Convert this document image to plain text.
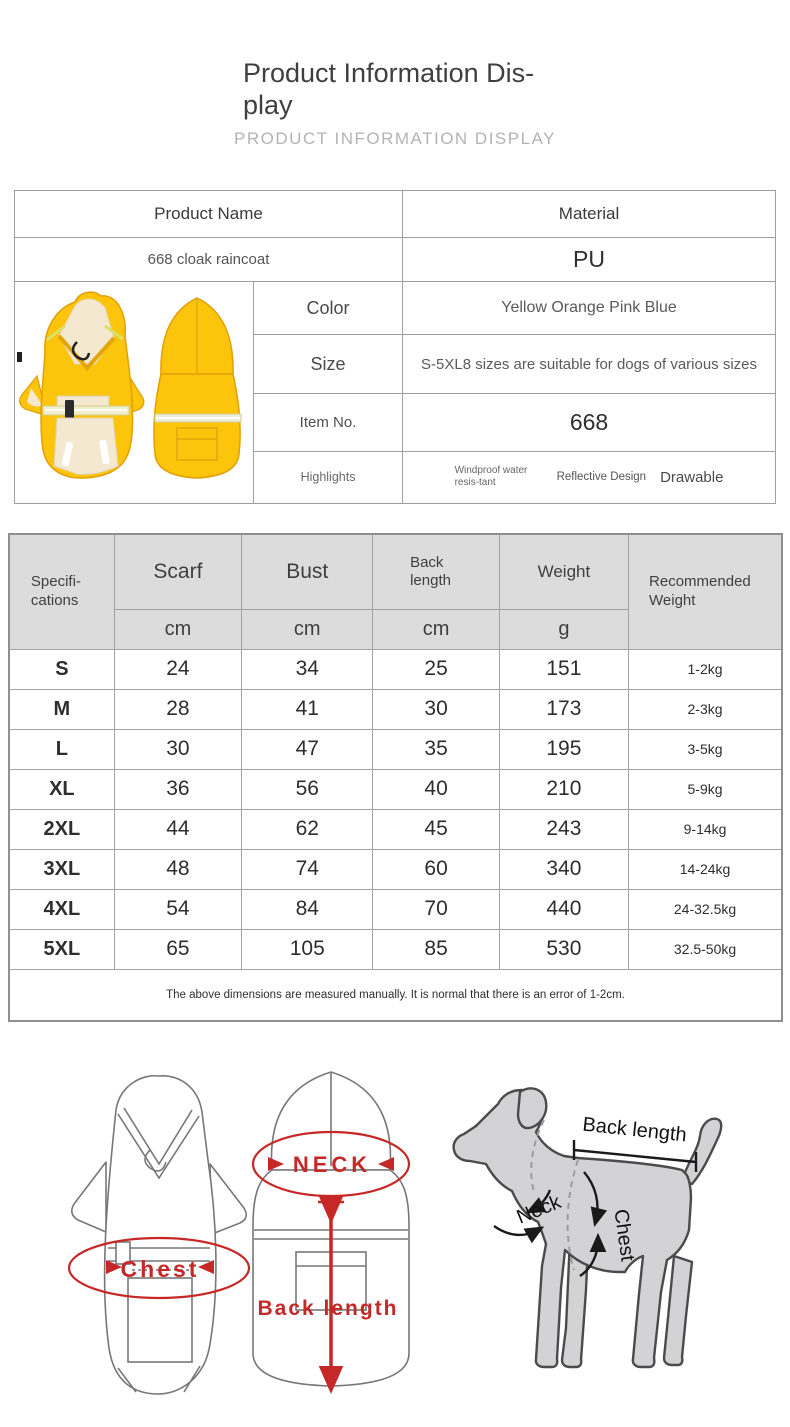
Product Information Dis-play
PRODUCT INFORMATION DISPLAY
Product Name		Material
668 cloak raincoat		PU
	Color	Yellow Orange Pink Blue
	Size	S-5XL8 sizes are suitable for dogs of various sizes
	Item No.	668
	Highlights	Windproof water resis-tant Reflective Design Drawable
Specifi-cations	Scarf	Bust	Back length	Weight	Recommended Weight

	cm	cm	cm	g	
S	24	34	25	151	1-2kg
M	28	41	30	173	2-3kg
L	30	47	35	195	3-5kg
XL	36	56	40	210	5-9kg
2XL	44	62	45	243	9-14kg
3XL	48	74	60	340	14-24kg
4XL	54	84	70	440	24-32.5kg
5XL	65	105	85	530	32.5-50kg
The above dimensions are measured manually. It is normal that there is an error of 1-2cm.					
Chest
NECK
Back length
Back length
Neck Chest
